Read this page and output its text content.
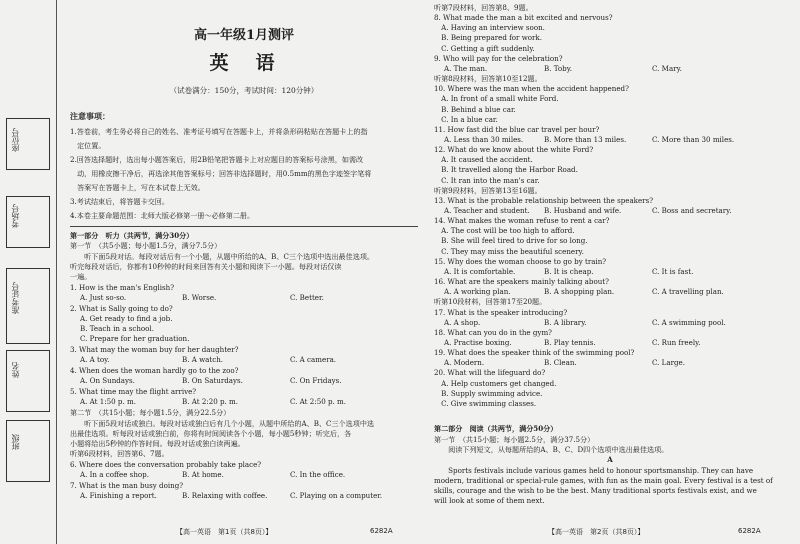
座位号
考场号
准考证号
姓名
班级
高一年级1月测评
英　语
（试卷满分：150分，考试时间：120分钟）
注意事项：
1.答卷前，考生务必将自己的姓名、准考证号填写在答题卡上，并将条形码粘贴在答题卡上的指
　定位置。
2.回答选择题时，选出每小题答案后，用2B铅笔把答题卡上对应题目的答案标号涂黑，如需改
　动，用橡皮擦干净后，再选涂其他答案标号；回答非选择题时，用0.5mm的黑色字迹签字笔将
　答案写在答题卡上，写在本试卷上无效。
3.考试结束后，将答题卡交回。
4.本卷主要命题范围：北师大版必修第一册～必修第二册。
第一部分　听力（共两节，满分30分）
第一节　（共5小题；每小题1.5分，满分7.5分）
　　听下面5段对话。每段对话后有一个小题，从题中所给的A、B、C三个选项中选出最佳选项。
听完每段对话后，你都有10秒钟的时间来回答有关小题和阅读下一小题。每段对话仅读
一遍。
1. How is the man's English?
A. Just so-so.	B. Worse.	C. Better.
2. What is Sally going to do?
A. Get ready to find a job.
B. Teach in a school.
C. Prepare for her graduation.
3. What may the woman buy for her daughter?
A. A toy.	B. A watch.	C. A camera.
4. When does the woman hardly go to the zoo?
A. On Sundays.	B. On Saturdays.	C. On Fridays.
5. What time may the flight arrive?
A. At 1:50 p. m.	B. At 2:20 p. m.	C. At 2:50 p. m.
第二节　（共15小题；每小题1.5分，满分22.5分）
　　听下面5段对话或独白。每段对话或独白后有几个小题，从题中所给的A、B、C三个选项中选
出最佳选项。听每段对话或独白前，你将有时间阅读各个小题，每小题5秒钟；听完后，各
小题将给出5秒钟的作答时间。每段对话或独白读两遍。
听第6段材料，回答第6、7题。
6. Where does the conversation probably take place?
A. In a coffee shop.	B. At home.	C. In the office.
7. What is the man busy doing?
A. Finishing a report.	B. Relaxing with coffee.	C. Playing on a computer.
【高一英语　第1页（共8页）】	6282A
听第7段材料，回答第8、9题。
8. What made the man a bit excited and nervous?
　A. Having an interview soon.
　B. Being prepared for work.
　C. Getting a gift suddenly.
9. Who will pay for the celebration?
A. The man.	B. Toby.	C. Mary.
听第8段材料，回答第10至12题。
10. Where was the man when the accident happened?
　A. In front of a small white Ford.
　B. Behind a blue car.
　C. In a blue car.
11. How fast did the blue car travel per hour?
A. Less than 30 miles.	B. More than 13 miles.	C. More than 30 miles.
12. What do we know about the white Ford?
　A. It caused the accident.
　B. It travelled along the Harbor Road.
　C. It ran into the man's car.
听第9段材料，回答第13至16题。
13. What is the probable relationship between the speakers?
A. Teacher and student. B. Husband and wife.	C. Boss and secretary.
14. What makes the woman refuse to rent a car?
　A. The cost will be too high to afford.
　B. She will feel tired to drive for so long.
　C. They may miss the beautiful scenery.
15. Why does the woman choose to go by train?
A. It is comfortable.	B. It is cheap.	C. It is fast.
16. What are the speakers mainly talking about?
A. A working plan.	B. A shopping plan.	C. A travelling plan.
听第10段材料，回答第17至20题。
17. What is the speaker introducing?
A. A shop.	B. A library.	C. A swimming pool.
18. What can you do in the gym?
A. Practise boxing.	B. Play tennis.	C. Run freely.
19. What does the speaker think of the swimming pool?
A. Modern.	B. Clean.	C. Large.
20. What will the lifeguard do?
　A. Help customers get changed.
　B. Supply swimming advice.
　C. Give swimming classes.
第二部分　阅读（共两节，满分50分）
第一节　（共15小题；每小题2.5分，满分37.5分）
　　阅读下列短文，从每题所给的A、B、C、D四个选项中选出最佳选项。
A
　　Sports festivals include various games held to honour sportsmanship. They can have
modern, traditional or special-rule games, with fun as the main goal. Every festival is a test of
skills, courage and the wish to be the best. Many traditional sports festivals exist, and we
will look at some of them next.
【高一英语　第2页（共8页）】	6282A
